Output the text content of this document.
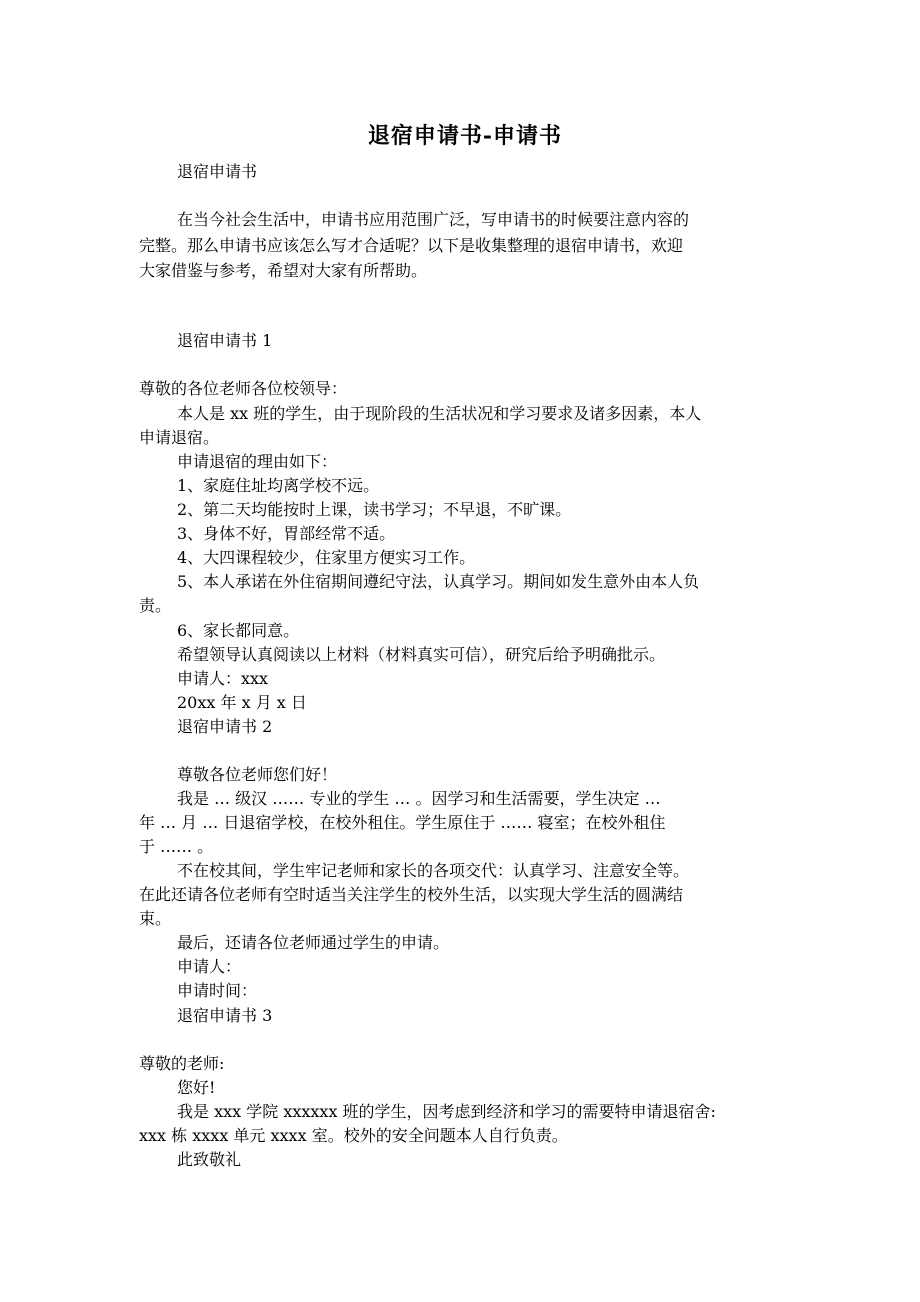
退宿申请书-申请书
退宿申请书
在当今社会生活中，申请书应用范围广泛，写申请书的时候要注意内容的
完整。那么申请书应该怎么写才合适呢？以下是收集整理的退宿申请书，欢迎
大家借鉴与参考，希望对大家有所帮助。
退宿申请书 1
尊敬的各位老师各位校领导：
本人是 xx 班的学生，由于现阶段的生活状况和学习要求及诸多因素，本人
申请退宿。
申请退宿的理由如下：
1、家庭住址均离学校不远。
2、第二天均能按时上课，读书学习；不早退，不旷课。
3、身体不好，胃部经常不适。
4、大四课程较少，住家里方便实习工作。
5、本人承诺在外住宿期间遵纪守法，认真学习。期间如发生意外由本人负
责。
6、家长都同意。
希望领导认真阅读以上材料（材料真实可信），研究后给予明确批示。
申请人：xxx
20xx 年 x 月 x 日
退宿申请书 2
尊敬各位老师您们好！
我是 … 级汉 …… 专业的学生 … 。因学习和生活需要，学生决定 …
年 … 月 … 日退宿学校，在校外租住。学生原住于 …… 寝室；在校外租住
于 …… 。
不在校其间，学生牢记老师和家长的各项交代：认真学习、注意安全等。
在此还请各位老师有空时适当关注学生的校外生活，以实现大学生活的圆满结
束。
最后，还请各位老师通过学生的申请。
申请人：
申请时间：
退宿申请书 3
尊敬的老师:
您好!
我是 xxx 学院 xxxxxx 班的学生，因考虑到经济和学习的需要特申请退宿舍:
xxx 栋 xxxx 单元 xxxx 室。校外的安全问题本人自行负责。
此致敬礼
